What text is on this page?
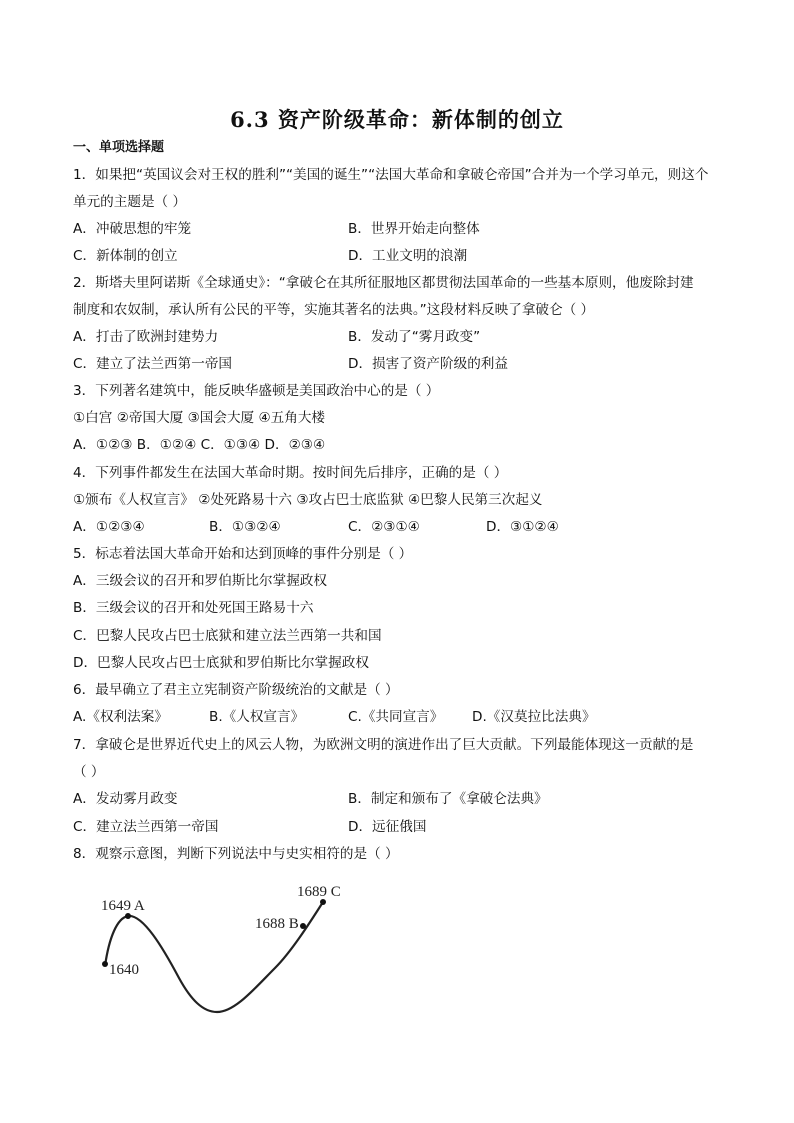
6.3 资产阶级革命：新体制的创立
一、单项选择题
1．如果把“英国议会对王权的胜利”“美国的诞生”“法国大革命和拿破仑帝国”合并为一个学习单元，则这个
单元的主题是（ ）
A．冲破思想的牢笼	B．世界开始走向整体
C．新体制的创立	D．工业文明的浪潮
2．斯塔夫里阿诺斯《全球通史》：“拿破仑在其所征服地区都贯彻法国革命的一些基本原则，他废除封建
制度和农奴制，承认所有公民的平等，实施其著名的法典。”这段材料反映了拿破仑（ ）
A．打击了欧洲封建势力	B．发动了“雾月政变”
C．建立了法兰西第一帝国	D．损害了资产阶级的利益
3．下列著名建筑中，能反映华盛顿是美国政治中心的是（ ）
①白宫 ②帝国大厦 ③国会大厦 ④五角大楼
A．①②③ B．①②④ C．①③④ D．②③④
4．下列事件都发生在法国大革命时期。按时间先后排序，正确的是（ ）
①颁布《人权宣言》 ②处死路易十六 ③攻占巴士底监狱 ④巴黎人民第三次起义
A．①②③④	B．①③②④	C．②③①④	D．③①②④
5．标志着法国大革命开始和达到顶峰的事件分别是（ ）
A．三级会议的召开和罗伯斯比尔掌握政权
B．三级会议的召开和处死国王路易十六
C．巴黎人民攻占巴士底狱和建立法兰西第一共和国
D．巴黎人民攻占巴士底狱和罗伯斯比尔掌握政权
6．最早确立了君主立宪制资产阶级统治的文献是（ ）
A.《权利法案》	B.《人权宣言》	C.《共同宣言》 D.《汉莫拉比法典》
7．拿破仑是世界近代史上的风云人物，为欧洲文明的演进作出了巨大贡献。下列最能体现这一贡献的是
（ ）
A．发动雾月政变	B．制定和颁布了《拿破仑法典》
C．建立法兰西第一帝国	D．远征俄国
8．观察示意图，判断下列说法中与史实相符的是（ ）
1640
1649 A
1688 B
1689 C
